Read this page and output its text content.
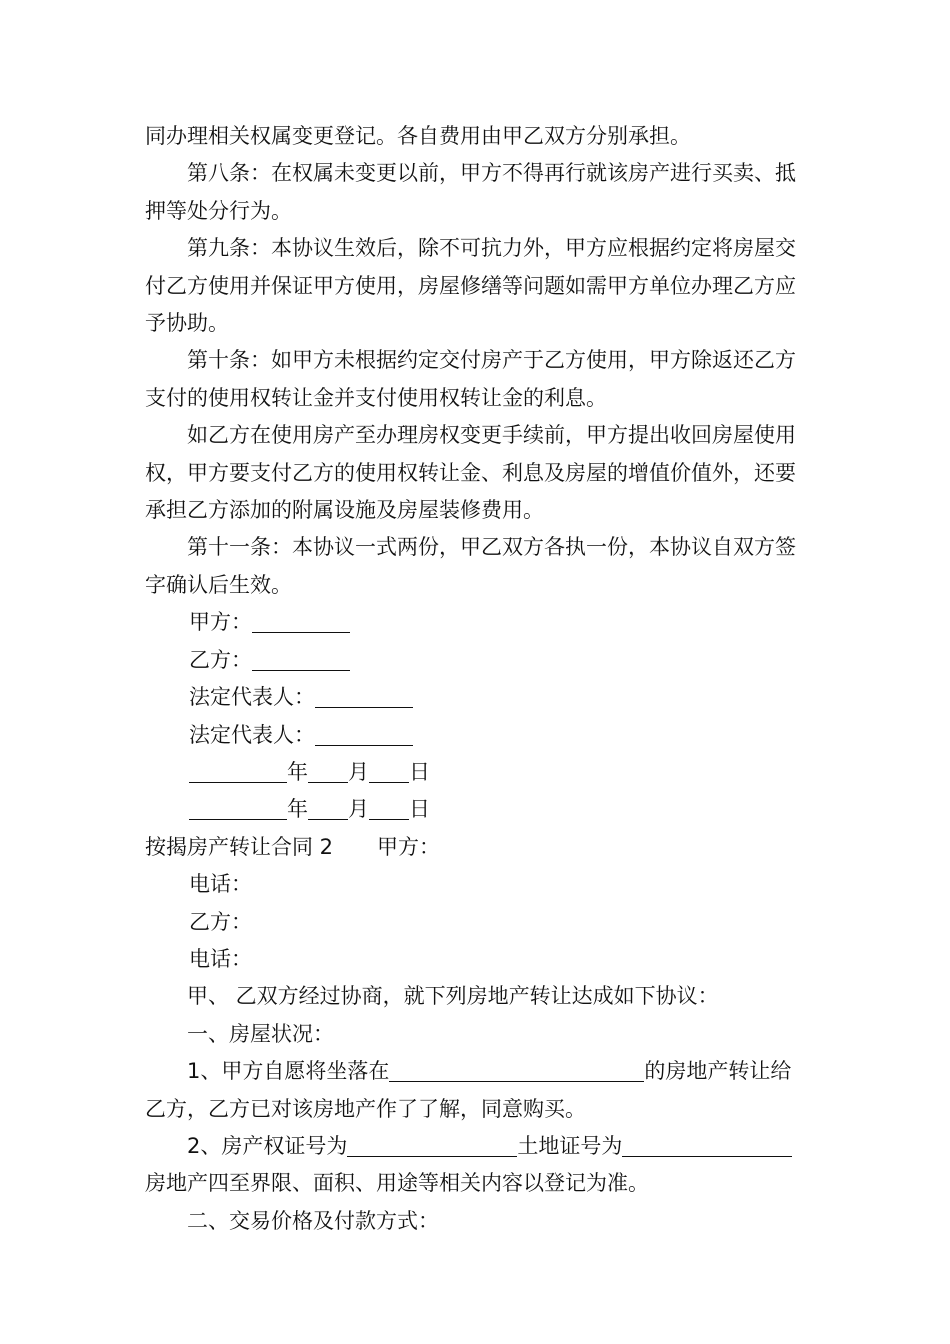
同办理相关权属变更登记。各自费用由甲乙双方分别承担。

第八条：在权属未变更以前，甲方不得再行就该房产进行买卖、抵押等处分行为。

第九条：本协议生效后，除不可抗力外，甲方应根据约定将房屋交付乙方使用并保证甲方使用，房屋修缮等问题如需甲方单位办理乙方应予协助。

第十条：如甲方未根据约定交付房产于乙方使用，甲方除返还乙方支付的使用权转让金并支付使用权转让金的利息。

如乙方在使用房产至办理房权变更手续前，甲方提出收回房屋使用权，甲方要支付乙方的使用权转让金、利息及房屋的增值价值外，还要承担乙方添加的附属设施及房屋装修费用。

第十一条：本协议一式两份，甲乙双方各执一份，本协议自双方签字确认后生效。

甲方：
乙方：
法定代表人：
法定代表人：
年 月 日
年 月 日
按揭房产转让合同 2 甲方：
电话：
乙方：
电话：

甲、 乙双方经过协商，就下列房地产转让达成如下协议：

一、房屋状况：

1、甲方自愿将坐落在	的房地产转让给乙方，乙方已对该房地产作了了解，同意购买。

2、房产权证号为	土地证号为房地产四至界限、面积、用途等相关内容以登记为准。

二、交易价格及付款方式：
